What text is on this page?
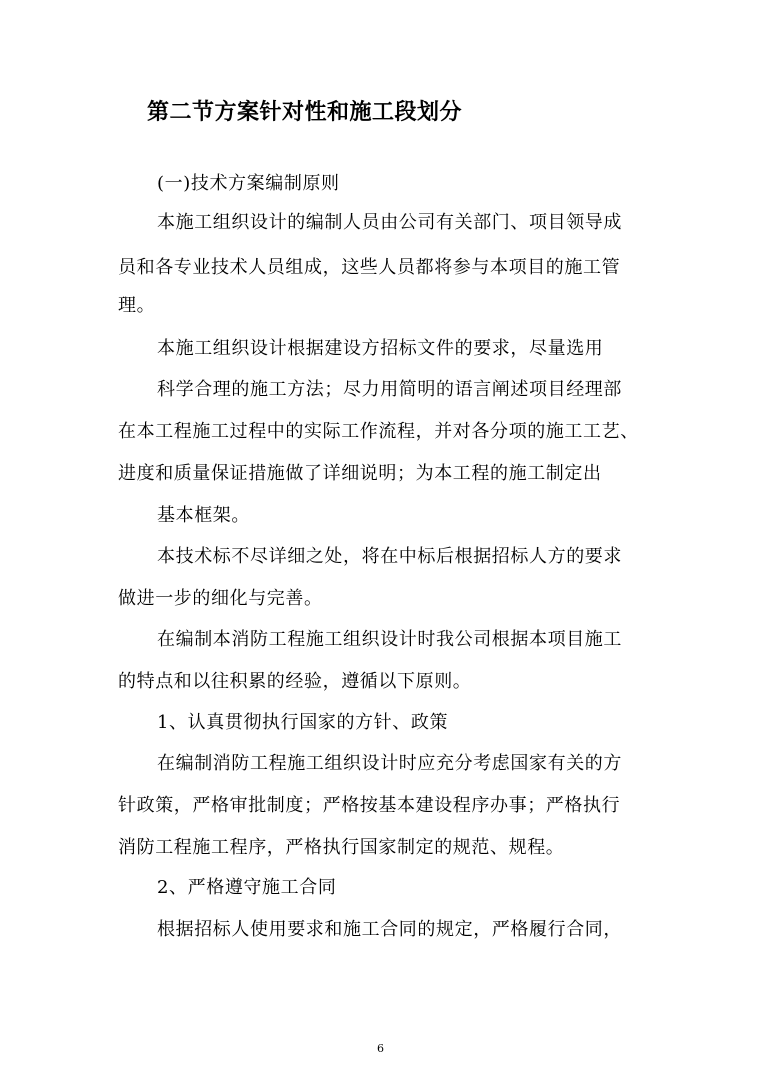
第二节方案针对性和施工段划分
(一)技术方案编制原则
本施工组织设计的编制人员由公司有关部门、项目领导成
员和各专业技术人员组成，这些人员都将参与本项目的施工管
理。
本施工组织设计根据建设方招标文件的要求，尽量选用
科学合理的施工方法；尽力用简明的语言阐述项目经理部
在本工程施工过程中的实际工作流程，并对各分项的施工工艺、
进度和质量保证措施做了详细说明；为本工程的施工制定出
基本框架。
本技术标不尽详细之处，将在中标后根据招标人方的要求
做进一步的细化与完善。
在编制本消防工程施工组织设计时我公司根据本项目施工
的特点和以往积累的经验，遵循以下原则。
1、认真贯彻执行国家的方针、政策
在编制消防工程施工组织设计时应充分考虑国家有关的方
针政策，严格审批制度；严格按基本建设程序办事；严格执行
消防工程施工程序，严格执行国家制定的规范、规程。
2、严格遵守施工合同
根据招标人使用要求和施工合同的规定，严格履行合同，
6
